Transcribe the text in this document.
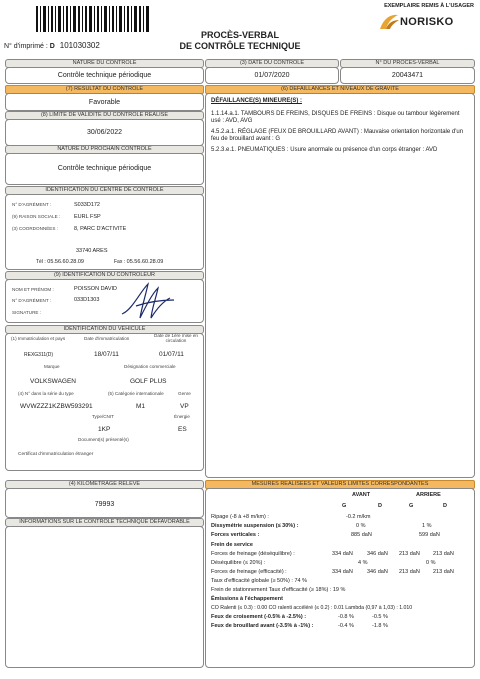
N° d'imprimé : D 101030302
PROCÈS-VERBAL
DE CONTRÔLE TECHNIQUE
EXEMPLAIRE REMIS À L'USAGER
NORISKO
NATURE DU CONTRÔLE
Contrôle technique périodique
(3) DATE DU CONTRÔLE
01/07/2020
N° DU PROCÈS-VERBAL
20043471
(7) RÉSULTAT DU CONTRÔLE
Favorable
(8) LIMITE DE VALIDITÉ DU CONTRÔLE RÉALISÉ
30/06/2022
NATURE DU PROCHAIN CONTRÔLE
Contrôle technique périodique
IDENTIFICATION DU CENTRE DE CONTRÔLE
N° D'AGRÉMENT :	S033D172
(9) RAISON SOCIALE :	EURL FSP
(3) COORDONNÉES :	8, PARC D'ACTIVITE
33740 ARES
Tél : 05.56.60.28.09	Fax : 05.56.60.28.09
(9) IDENTIFICATION DU CONTRÔLEUR
NOM ET PRÉNOM :	POISSON DAVID
N° D'AGRÉMENT :	033D1303
SIGNATURE :
IDENTIFICATION DU VÉHICULE
(1) Immatriculation et pays	Date d'immatriculation
Date de 1ère mise en circulation
REXG311(D)	18/07/11	01/07/11
Marque	Désignation commerciale
VOLKSWAGEN	GOLF PLUS
(4) N° dans la série du type	(5) Catégorie internationale	Genre
WVWZZZ1KZBW593291	M1	VP
Type/CNIT	Énergie
1KP	ES
Document(s) présenté(s)
Certificat d'immatriculation étranger
(4) KILOMÉTRAGE RELEVÉ
79993
INFORMATIONS SUR LE CONTRÔLE TECHNIQUE DÉFAVORABLE
(6) DÉFAILLANCES ET NIVEAUX DE GRAVITÉ
DÉFAILLANCE(S) MINEURE(S) :
1.1.14.a.1. TAMBOURS DE FREINS, DISQUES DE FREINS : Disque ou tambour légèrement usé : AVD, AVG
4.5.2.a.1. RÉGLAGE (FEUX DE BROUILLARD AVANT) : Mauvaise orientation horizontale d'un feu de brouillard avant : G
5.2.3.e.1. PNEUMATIQUES : Usure anormale ou présence d'un corps étranger : AVD
MESURES RÉALISÉES ET VALEURS LIMITES CORRESPONDANTES
AVANT	ARRIERE
G	D	G	D
Ripage (-8 à +8 m/km) :	-0.2 m/km
Dissymétrie suspension (≤ 30%) :	0 %	1 %
Forces verticales :	885 daN	599 daN
Frein de service
Forces de freinage (déséquilibre) :	334 daN	346 daN 213 daN 213 daN
Déséquilibre (≤ 20%) :	4 %	0 %
Forces de freinage (efficacité) :	334 daN	346 daN 213 daN 213 daN
Taux d'efficacité globale (≥ 50%) : 74 %
Frein de stationnement Taux d'efficacité (≥ 18%) : 19 %
Émissions à l'échappement
CO Ralenti (≤ 0.3) : 0.00 CO ralenti accéléré (≤ 0.2) : 0.01 Lambda (0,97 à 1,03) : 1.010
Feux de croisement (-0.5% à -2.5%) :	-0.8 %	-0.5 %
Feux de brouillard avant (-3.5% à -1%) :	-0.4 %	-1.8 %
